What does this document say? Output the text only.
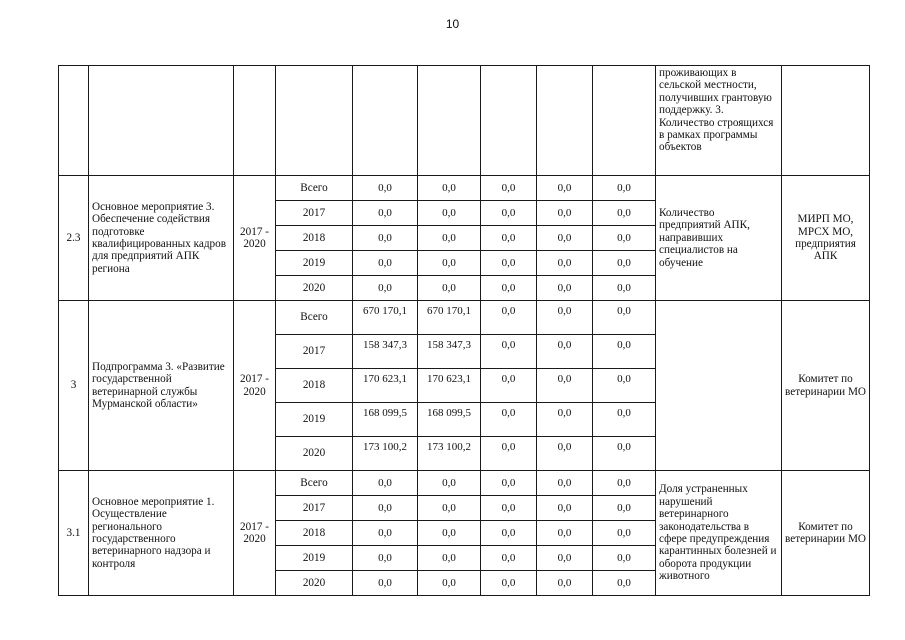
10
									проживающих в сельской местности, получивших грантовую поддержку. 3. Количество строящихся в рамках программы объектов	
2.3	Основное мероприятие 3. Обеспечение содействия подготовке квалифицированных кадров для предприятий АПК региона	2017 - 2020	Всего	0,0	0,0	0,0	0,0	0,0	Количество предприятий АПК, направивших специалистов на обучение	МИРП МО, МРСХ МО, предприятия АПК
			2017	0,0	0,0	0,0	0,0	0,0		
			2018	0,0	0,0	0,0	0,0	0,0		
			2019	0,0	0,0	0,0	0,0	0,0		
			2020	0,0	0,0	0,0	0,0	0,0		
3	Подпрограмма 3. «Развитие государственной ветеринарной службы Мурманской области»	2017 - 2020	Всего	670 170,1	670 170,1	0,0	0,0	0,0		Комитет по ветеринарии МО
			2017	158 347,3	158 347,3	0,0	0,0	0,0		
			2018	170 623,1	170 623,1	0,0	0,0	0,0		
			2019	168 099,5	168 099,5	0,0	0,0	0,0		
			2020	173 100,2	173 100,2	0,0	0,0	0,0		
3.1	Основное мероприятие 1. Осуществление регионального государственного ветеринарного надзора и контроля	2017 - 2020	Всего	0,0	0,0	0,0	0,0	0,0	Доля устраненных нарушений ветеринарного законодательства в сфере предупреждения карантинных болезней и оборота продукции животного	Комитет по ветеринарии МО
			2017	0,0	0,0	0,0	0,0	0,0		
			2018	0,0	0,0	0,0	0,0	0,0		
			2019	0,0	0,0	0,0	0,0	0,0		
			2020	0,0	0,0	0,0	0,0	0,0		
